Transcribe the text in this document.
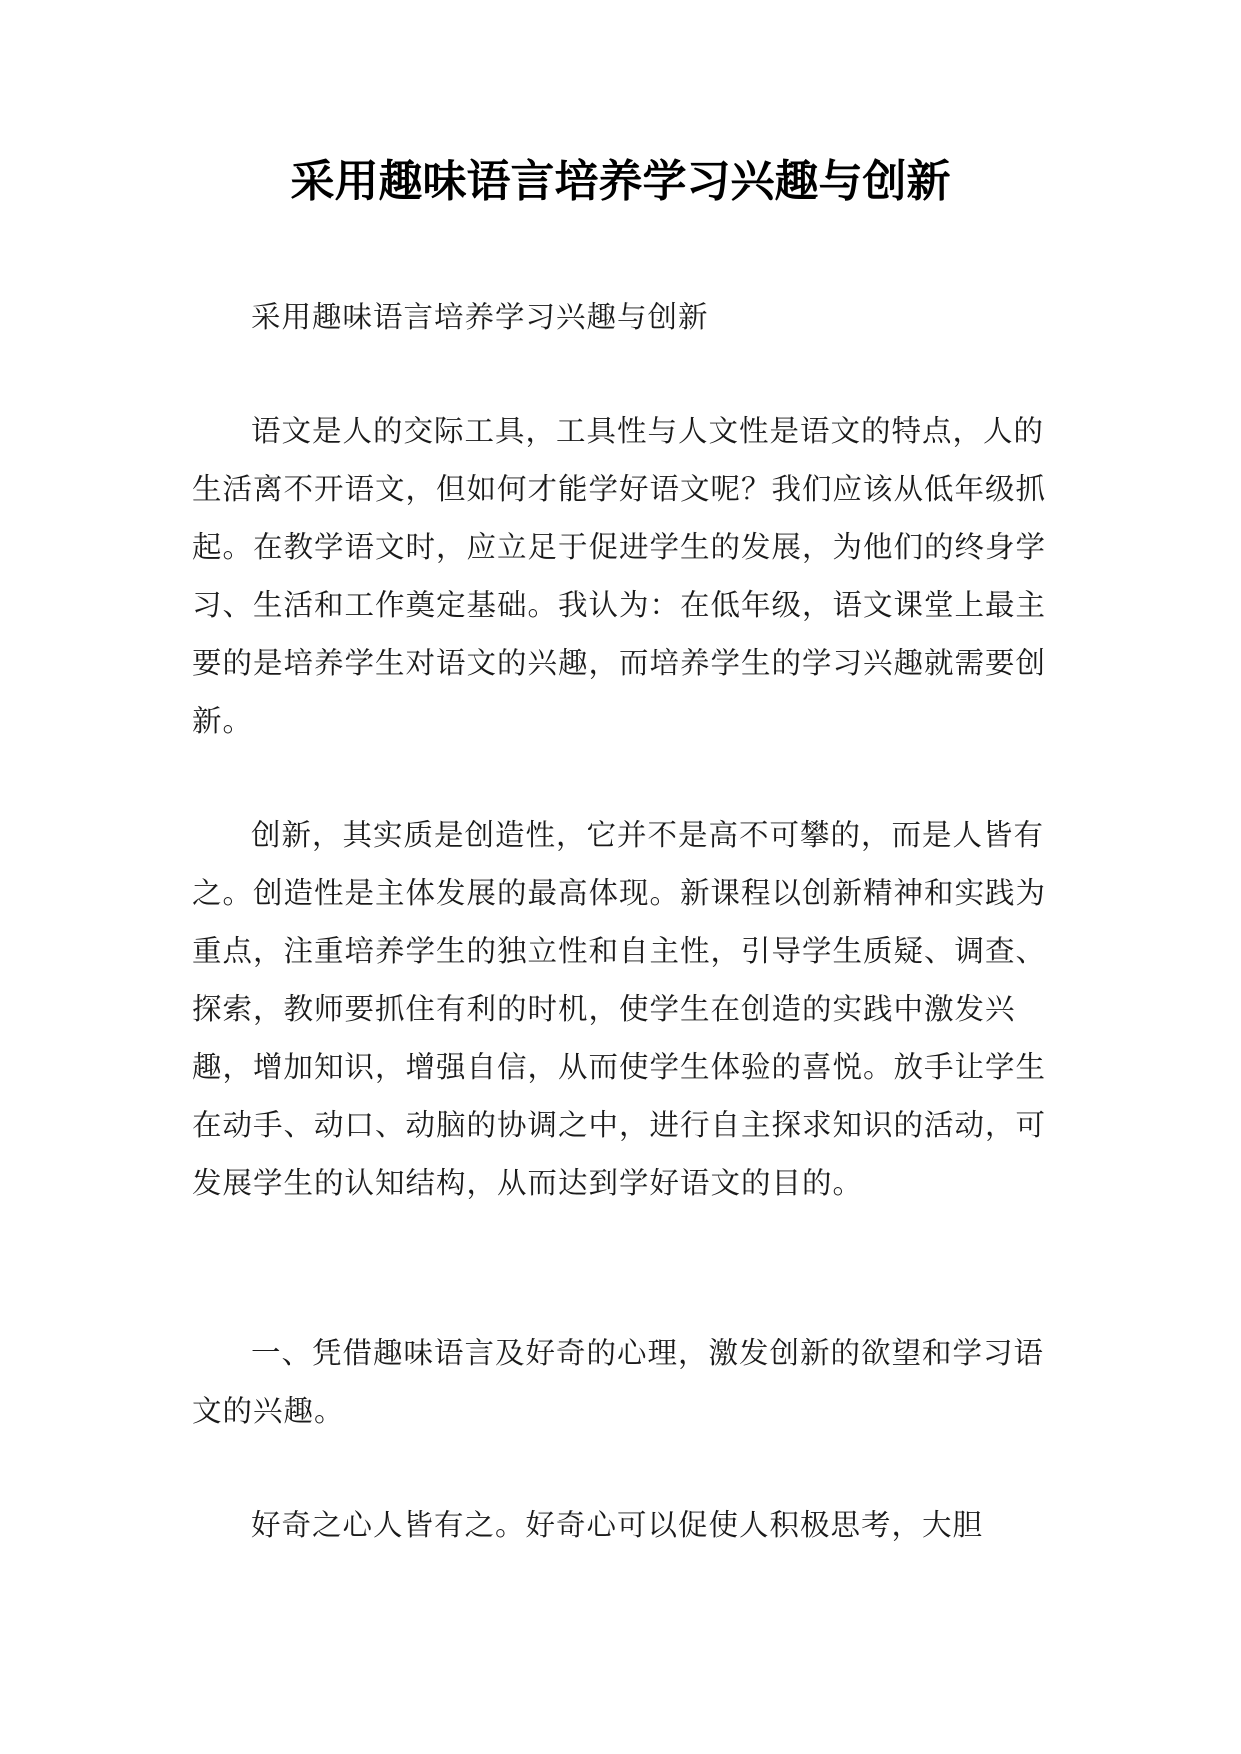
采用趣味语言培养学习兴趣与创新

采用趣味语言培养学习兴趣与创新

语文是人的交际工具，工具性与人文性是语文的特点，人的生活离不开语文，但如何才能学好语文呢？我们应该从低年级抓起。在教学语文时，应立足于促进学生的发展，为他们的终身学习、生活和工作奠定基础。我认为：在低年级，语文课堂上最主要的是培养学生对语文的兴趣，而培养学生的学习兴趣就需要创新。

创新，其实质是创造性，它并不是高不可攀的，而是人皆有之。创造性是主体发展的最高体现。新课程以创新精神和实践为重点，注重培养学生的独立性和自主性，引导学生质疑、调查、探索，教师要抓住有利的时机，使学生在创造的实践中激发兴趣，增加知识，增强自信，从而使学生体验的喜悦。放手让学生在动手、动口、动脑的协调之中，进行自主探求知识的活动，可发展学生的认知结构，从而达到学好语文的目的。

一、凭借趣味语言及好奇的心理，激发创新的欲望和学习语文的兴趣。

好奇之心人皆有之。好奇心可以促使人积极思考，大胆
